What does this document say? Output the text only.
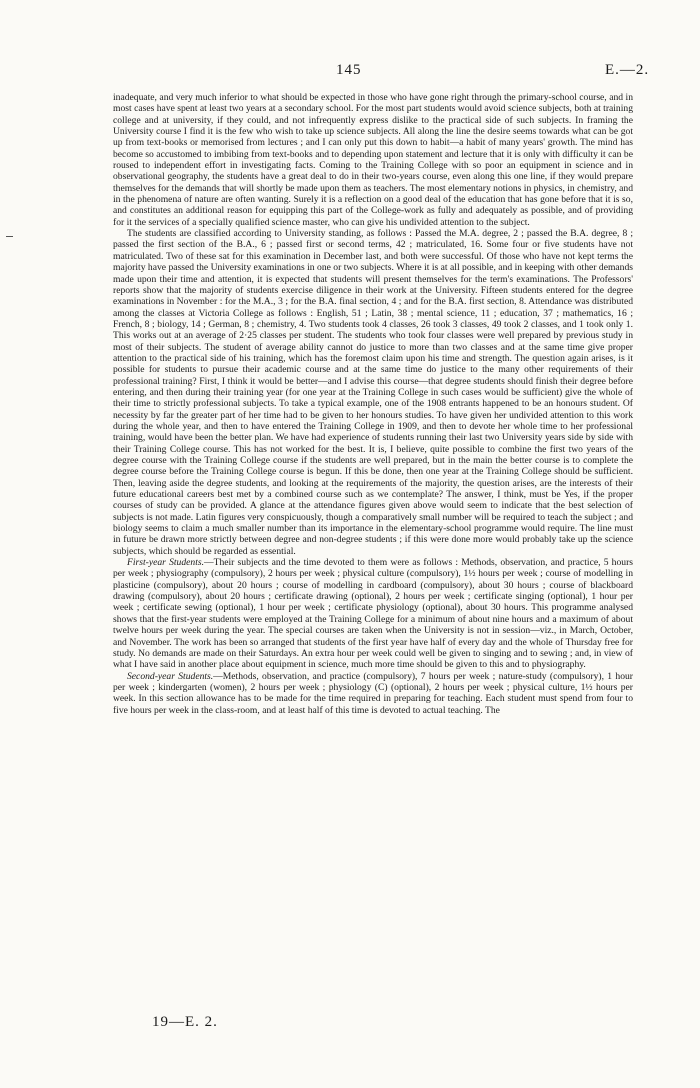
145	E.—2.

inadequate, and very much inferior to what should be expected in those who have gone right through the primary-school course, and in most cases have spent at least two years at a secondary school. For the most part students would avoid science subjects, both at training college and at university, if they could, and not infrequently express dislike to the practical side of such subjects. In framing the University course I find it is the few who wish to take up science subjects. All along the line the desire seems towards what can be got up from text-books or memorised from lectures ; and I can only put this down to habit—a habit of many years' growth. The mind has become so accustomed to imbibing from text-books and to depending upon statement and lecture that it is only with difficulty it can be roused to independent effort in investigating facts. Coming to the Training College with so poor an equipment in science and in observational geography, the students have a great deal to do in their two-years course, even along this one line, if they would prepare themselves for the demands that will shortly be made upon them as teachers. The most elementary notions in physics, in chemistry, and in the phenomena of nature are often wanting. Surely it is a reflection on a good deal of the education that has gone before that it is so, and constitutes an additional reason for equipping this part of the College-work as fully and adequately as possible, and of providing for it the services of a specially qualified science master, who can give his undivided attention to the subject.

The students are classified according to University standing, as follows : Passed the M.A. degree, 2 ; passed the B.A. degree, 8 ; passed the first section of the B.A., 6 ; passed first or second terms, 42 ; matriculated, 16. Some four or five students have not matriculated. Two of these sat for this examination in December last, and both were successful. Of those who have not kept terms the majority have passed the University examinations in one or two subjects. Where it is at all possible, and in keeping with other demands made upon their time and attention, it is expected that students will present themselves for the term's examinations. The Professors' reports show that the majority of students exercise diligence in their work at the University. Fifteen students entered for the degree examinations in November : for the M.A., 3 ; for the B.A. final section, 4 ; and for the B.A. first section, 8. Attendance was distributed among the classes at Victoria College as follows : English, 51 ; Latin, 38 ; mental science, 11 ; education, 37 ; mathematics, 16 ; French, 8 ; biology, 14 ; German, 8 ; chemistry, 4. Two students took 4 classes, 26 took 3 classes, 49 took 2 classes, and 1 took only 1. This works out at an average of 2·25 classes per student. The students who took four classes were well prepared by previous study in most of their subjects. The student of average ability cannot do justice to more than two classes and at the same time give proper attention to the practical side of his training, which has the foremost claim upon his time and strength. The question again arises, is it possible for students to pursue their academic course and at the same time do justice to the many other requirements of their professional training? First, I think it would be better—and I advise this course—that degree students should finish their degree before entering, and then during their training year (for one year at the Training College in such cases would be sufficient) give the whole of their time to strictly professional subjects. To take a typical example, one of the 1908 entrants happened to be an honours student. Of necessity by far the greater part of her time had to be given to her honours studies. To have given her undivided attention to this work during the whole year, and then to have entered the Training College in 1909, and then to devote her whole time to her professional training, would have been the better plan. We have had experience of students running their last two University years side by side with their Training College course. This has not worked for the best. It is, I believe, quite possible to combine the first two years of the degree course with the Training College course if the students are well prepared, but in the main the better course is to complete the degree course before the Training College course is begun. If this be done, then one year at the Training College should be sufficient. Then, leaving aside the degree students, and looking at the requirements of the majority, the question arises, are the interests of their future educational careers best met by a combined course such as we contemplate? The answer, I think, must be Yes, if the proper courses of study can be provided. A glance at the attendance figures given above would seem to indicate that the best selection of subjects is not made. Latin figures very conspicuously, though a comparatively small number will be required to teach the subject ; and biology seems to claim a much smaller number than its importance in the elementary-school programme would require. The line must in future be drawn more strictly between degree and non-degree students ; if this were done more would probably take up the science subjects, which should be regarded as essential.

First-year Students.—Their subjects and the time devoted to them were as follows : Methods, observation, and practice, 5 hours per week ; physiography (compulsory), 2 hours per week ; physical culture (compulsory), 1½ hours per week ; course of modelling in plasticine (compulsory), about 20 hours ; course of modelling in cardboard (compulsory), about 30 hours ; course of blackboard drawing (compulsory), about 20 hours ; certificate drawing (optional), 2 hours per week ; certificate singing (optional), 1 hour per week ; certificate sewing (optional), 1 hour per week ; certificate physiology (optional), about 30 hours. This programme analysed shows that the first-year students were employed at the Training College for a minimum of about nine hours and a maximum of about twelve hours per week during the year. The special courses are taken when the University is not in session—viz., in March, October, and November. The work has been so arranged that students of the first year have half of every day and the whole of Thursday free for study. No demands are made on their Saturdays. An extra hour per week could well be given to singing and to sewing ; and, in view of what I have said in another place about equipment in science, much more time should be given to this and to physiography.

Second-year Students.—Methods, observation, and practice (compulsory), 7 hours per week ; nature-study (compulsory), 1 hour per week ; kindergarten (women), 2 hours per week ; physiology (C) (optional), 2 hours per week ; physical culture, 1½ hours per week. In this section allowance has to be made for the time required in preparing for teaching. Each student must spend from four to five hours per week in the class-room, and at least half of this time is devoted to actual teaching. The

19—E. 2.
